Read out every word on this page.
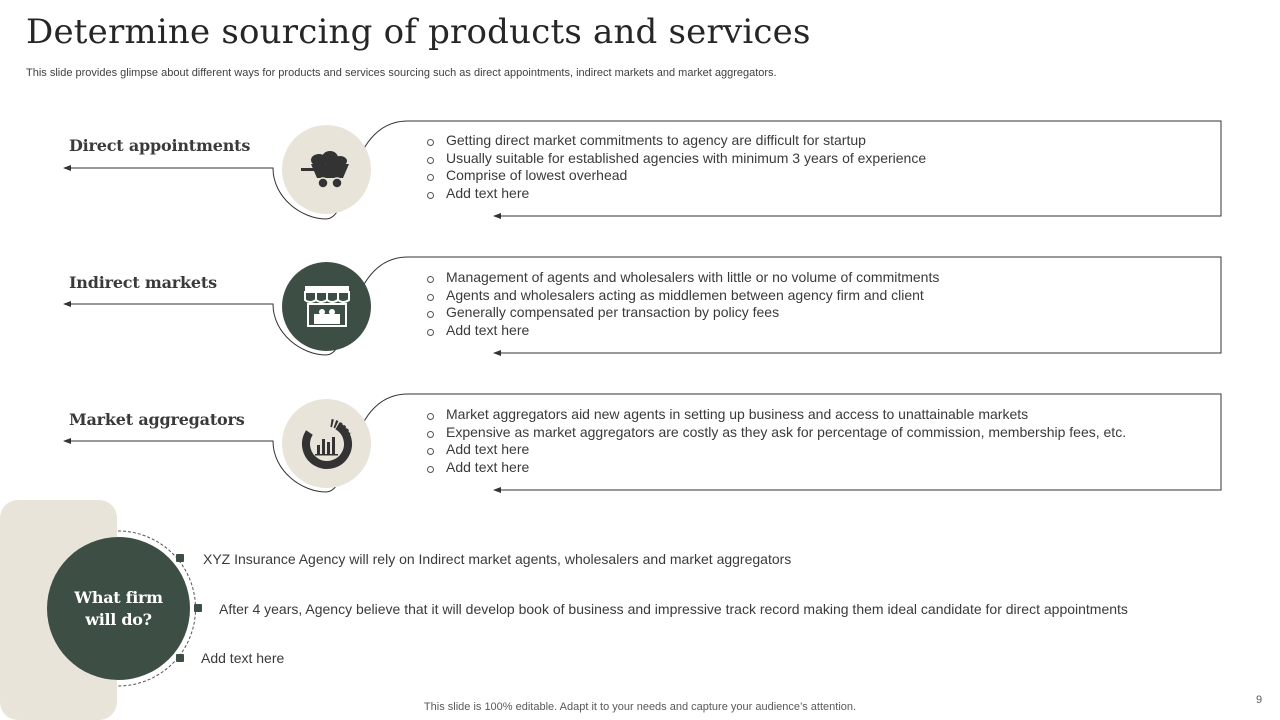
Determine sourcing of products and services

This slide provides glimpse about different ways for products and services sourcing such as direct appointments, indirect markets and market aggregators.

Direct appointments	Getting direct market commitments to agency are difficult for startup
Usually suitable for established agencies with minimum 3 years of experience
Comprise of lowest overhead
Add text here
Indirect markets	Management of agents and wholesalers with little or no volume of commitments
Agents and wholesalers acting as middlemen between agency firm and client
Generally compensated per transaction by policy fees
Add text here
Market aggregators	Market aggregators aid new agents in setting up business and access to unattainable markets
Expensive as market aggregators are costly as they ask for percentage of commission, membership fees, etc.
Add text here
Add text here
What firm will do?
XYZ Insurance Agency will rely on Indirect market agents, wholesalers and market aggregators
After 4 years, Agency believe that it will develop book of business and impressive track record making them ideal candidate for direct appointments
Add text here
This slide is 100% editable. Adapt it to your needs and capture your audience’s attention.
9
